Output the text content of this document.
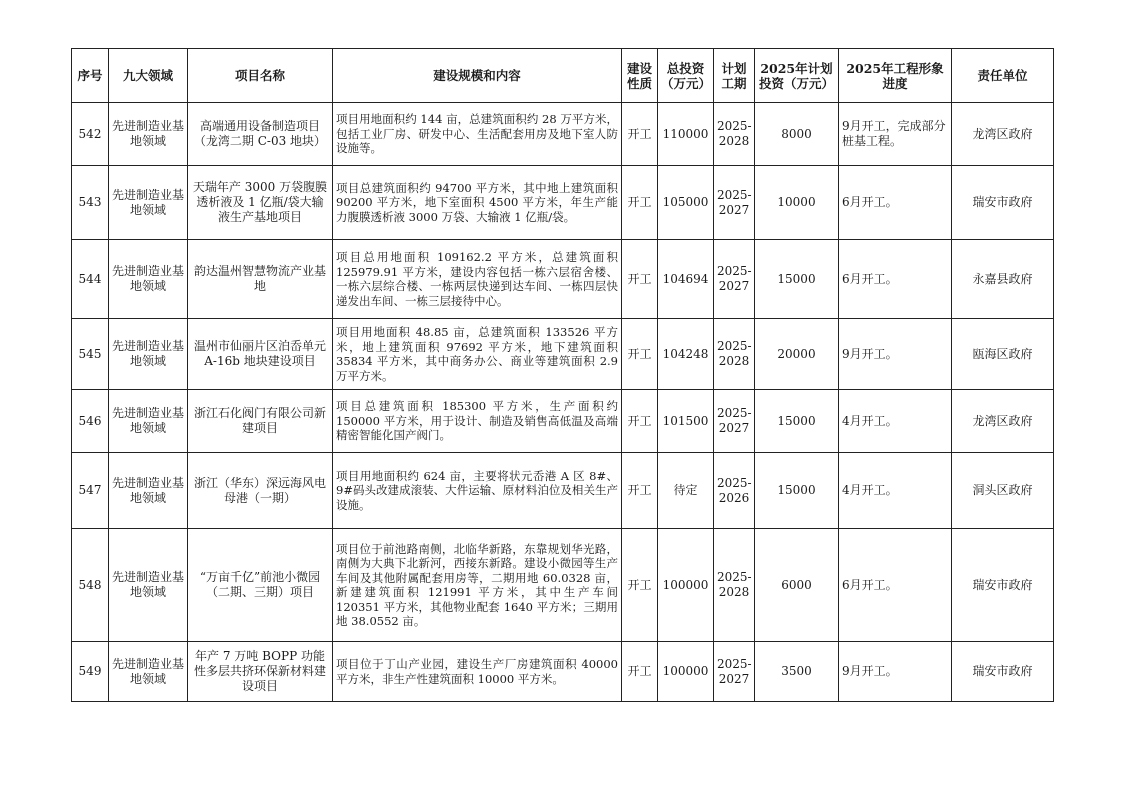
序号	九大领域	项目名称	建设规模和内容	建设性质	总投资（万元）	计划工期	2025年计划投资（万元）	2025年工程形象进度	责任单位
542	先进制造业基地领域	高端通用设备制造项目（龙湾二期 C-03 地块）	项目用地面积约 144 亩，总建筑面积约 28 万平方米，包括工业厂房、研发中心、生活配套用房及地下室人防设施等。	开工	110000	2025-2028	8000	9月开工，完成部分桩基工程。	龙湾区政府
543	先进制造业基地领域	天瑞年产 3000 万袋腹膜透析液及 1 亿瓶/袋大输液生产基地项目	项目总建筑面积约 94700 平方米，其中地上建筑面积 90200 平方米，地下室面积 4500 平方米，年生产能力腹膜透析液 3000 万袋、大输液 1 亿瓶/袋。	开工	105000	2025-2027	10000	6月开工。	瑞安市政府
544	先进制造业基地领域	韵达温州智慧物流产业基地	项目总用地面积 109162.2 平方米，总建筑面积 125979.91 平方米，建设内容包括一栋六层宿舍楼、一栋六层综合楼、一栋两层快递到达车间、一栋四层快递发出车间、一栋三层接待中心。	开工	104694	2025-2027	15000	6月开工。	永嘉县政府
545	先进制造业基地领域	温州市仙丽片区泊岙单元 A-16b 地块建设项目	项目用地面积 48.85 亩，总建筑面积 133526 平方米，地上建筑面积 97692 平方米，地下建筑面积 35834 平方米，其中商务办公、商业等建筑面积 2.9 万平方米。	开工	104248	2025-2028	20000	9月开工。	瓯海区政府
546	先进制造业基地领域	浙江石化阀门有限公司新建项目	项目总建筑面积 185300 平方米，生产面积约 150000 平方米，用于设计、制造及销售高低温及高端精密智能化国产阀门。	开工	101500	2025-2027	15000	4月开工。	龙湾区政府
547	先进制造业基地领域	浙江（华东）深远海风电母港（一期）	项目用地面积约 624 亩，主要将状元岙港 A 区 8#、9#码头改建成滚装、大件运输、原材料泊位及相关生产设施。	开工	待定	2025-2026	15000	4月开工。	洞头区政府
548	先进制造业基地领域	“万亩千亿”前池小微园（二期、三期）项目	项目位于前池路南侧，北临华新路，东靠规划华光路，南侧为大典下北新河，西接东新路。建设小微园等生产车间及其他附属配套用房等，二期用地 60.0328 亩，新建建筑面积 121991 平方米，其中生产车间 120351 平方米，其他物业配套 1640 平方米；三期用地 38.0552 亩。	开工	100000	2025-2028	6000	6月开工。	瑞安市政府
549	先进制造业基地领域	年产 7 万吨 BOPP 功能性多层共挤环保新材料建设项目	项目位于丁山产业园，建设生产厂房建筑面积 40000 平方米，非生产性建筑面积 10000 平方米。	开工	100000	2025-2027	3500	9月开工。	瑞安市政府
